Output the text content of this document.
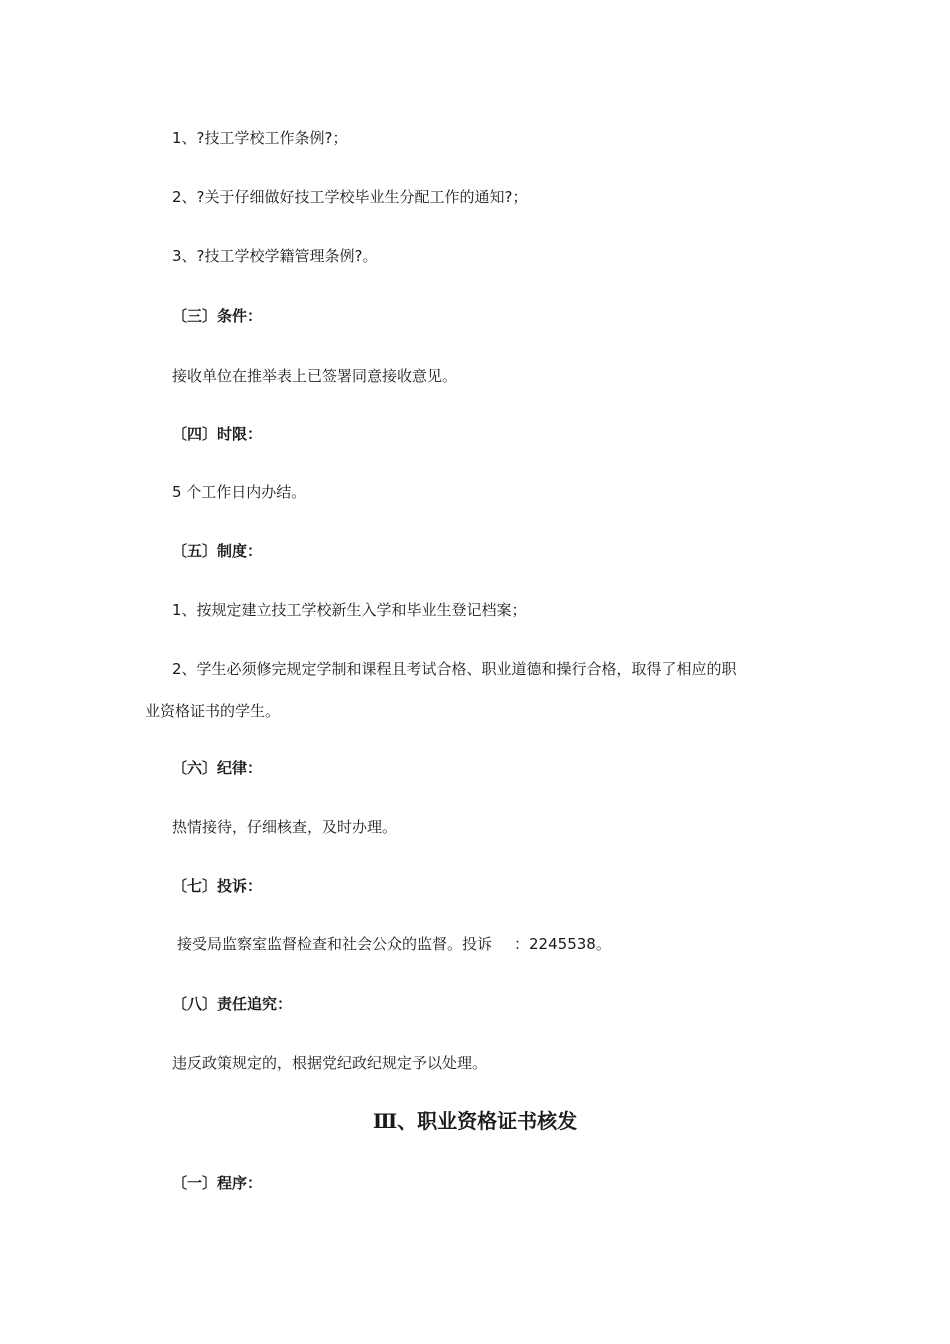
1、?技工学校工作条例?；
2、?关于仔细做好技工学校毕业生分配工作的通知?；
3、?技工学校学籍管理条例?。
〔三〕条件：
接收单位在推举表上已签署同意接收意见。
〔四〕时限：
5 个工作日内办结。
〔五〕制度：
1、按规定建立技工学校新生入学和毕业生登记档案；
2、学生必须修完规定学制和课程且考试合格、职业道德和操行合格，取得了相应的职
业资格证书的学生。
〔六〕纪律：
热情接待，仔细核查，及时办理。
〔七〕投诉：
接受局监察室监督检查和社会公众的监督。投诉 ：2245538。
〔八〕责任追究：
违反政策规定的，根据党纪政纪规定予以处理。
Ⅲ、职业资格证书核发
〔一〕程序：
